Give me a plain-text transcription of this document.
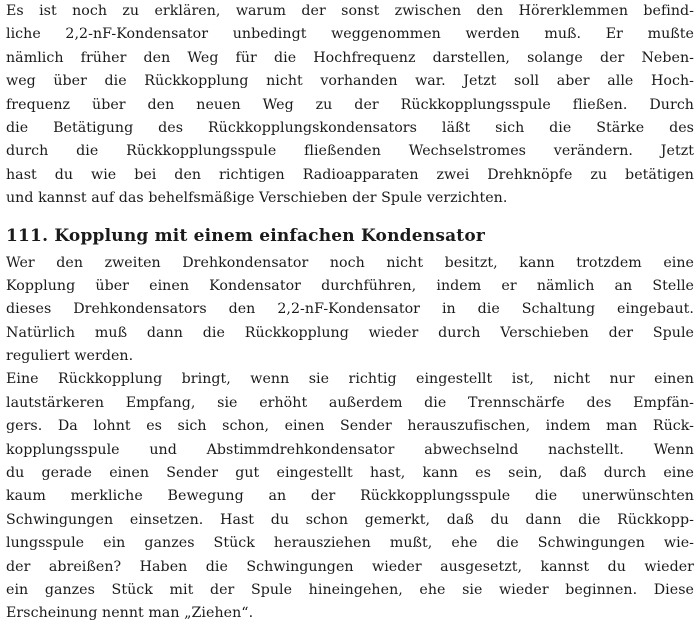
Es ist noch zu erklären, warum der sonst zwischen den Hörerklemmen befind-
liche 2,2-nF-Kondensator unbedingt weggenommen werden muß. Er mußte
nämlich früher den Weg für die Hochfrequenz darstellen, solange der Neben-
weg über die Rückkopplung nicht vorhanden war. Jetzt soll aber alle Hoch-
frequenz über den neuen Weg zu der Rückkopplungsspule fließen. Durch
die Betätigung des Rückkopplungskondensators läßt sich die Stärke des
durch die Rückkopplungsspule fließenden Wechselstromes verändern. Jetzt
hast du wie bei den richtigen Radioapparaten zwei Drehknöpfe zu betätigen
und kannst auf das behelfsmäßige Verschieben der Spule verzichten.
111. Kopplung mit einem einfachen Kondensator
Wer den zweiten Drehkondensator noch nicht besitzt, kann trotzdem eine
Kopplung über einen Kondensator durchführen, indem er nämlich an Stelle
dieses Drehkondensators den 2,2-nF-Kondensator in die Schaltung eingebaut.
Natürlich muß dann die Rückkopplung wieder durch Verschieben der Spule
reguliert werden.
Eine Rückkopplung bringt, wenn sie richtig eingestellt ist, nicht nur einen
lautstärkeren Empfang, sie erhöht außerdem die Trennschärfe des Empfän-
gers. Da lohnt es sich schon, einen Sender herauszufischen, indem man Rück-
kopplungsspule und Abstimmdrehkondensator abwechselnd nachstellt. Wenn
du gerade einen Sender gut eingestellt hast, kann es sein, daß durch eine
kaum merkliche Bewegung an der Rückkopplungsspule die unerwünschten
Schwingungen einsetzen. Hast du schon gemerkt, daß du dann die Rückkopp-
lungsspule ein ganzes Stück herausziehen mußt, ehe die Schwingungen wie-
der abreißen? Haben die Schwingungen wieder ausgesetzt, kannst du wieder
ein ganzes Stück mit der Spule hineingehen, ehe sie wieder beginnen. Diese
Erscheinung nennt man „Ziehen“.
